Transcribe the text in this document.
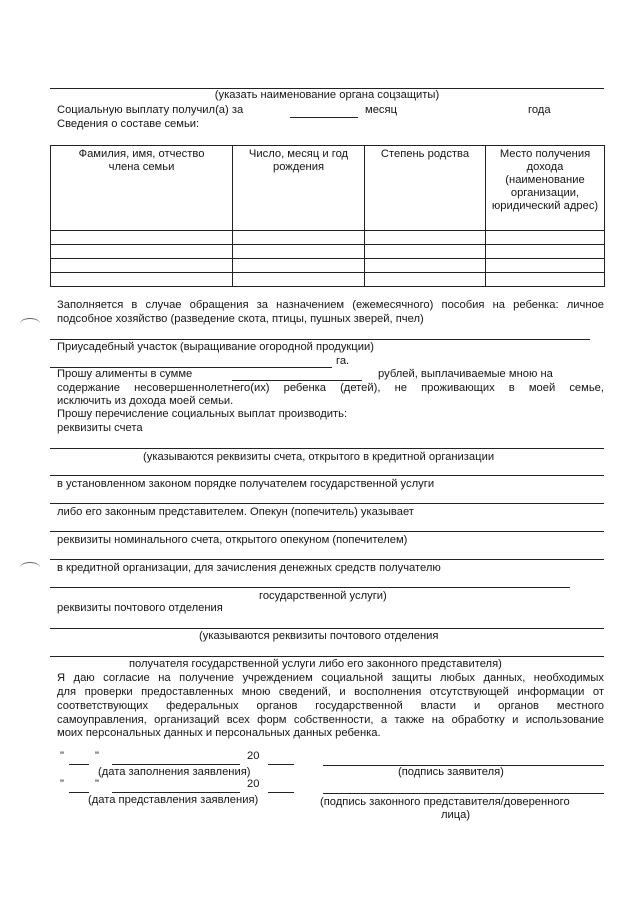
(указать наименование органа соцзащиты)
Социальную выплату получил(а) за	месяц	года
Сведения о составе семьи:
Фамилия, имя, отчество члена семьи	Число, месяц и год рождения	Степень родства	Место получения дохода (наименование организации, юридический адрес)

Заполняется в случае обращения за назначением (ежемесячного) пособия на ребенка: личное
подсобное хозяйство (разведение скота, птицы, пушных зверей, пчел)
Приусадебный участок (выращивание огородной продукции)
га.
Прошу алименты в сумме	рублей, выплачиваемые мною на
содержание несовершеннолетнего(их) ребенка (детей), не проживающих в моей семье,
исключить из дохода моей семьи.
Прошу перечисление социальных выплат производить:
реквизиты счета
(указываются реквизиты счета, открытого в кредитной организации
в установленном законом порядке получателем государственной услуги
либо его законным представителем. Опекун (попечитель) указывает
реквизиты номинального счета, открытого опекуном (попечителем)
в кредитной организации, для зачисления денежных средств получателю
государственной услуги)
реквизиты почтового отделения
(указываются реквизиты почтового отделения
получателя государственной услуги либо его законного представителя)
Я даю согласие на получение учреждением социальной защиты любых данных, необходимых
для проверки предоставленных мною сведений, и восполнения отсутствующей информации от
соответствующих федеральных органов государственной власти и органов местного
самоуправления, организаций всех форм собственности, а также на обработку и использование
моих персональных данных и персональных данных ребенка.
"	"	20
(дата заполнения заявления)	(подпись заявителя)
"	"	20
(дата представления заявления)	(подпись законного представителя/доверенного
лица)
